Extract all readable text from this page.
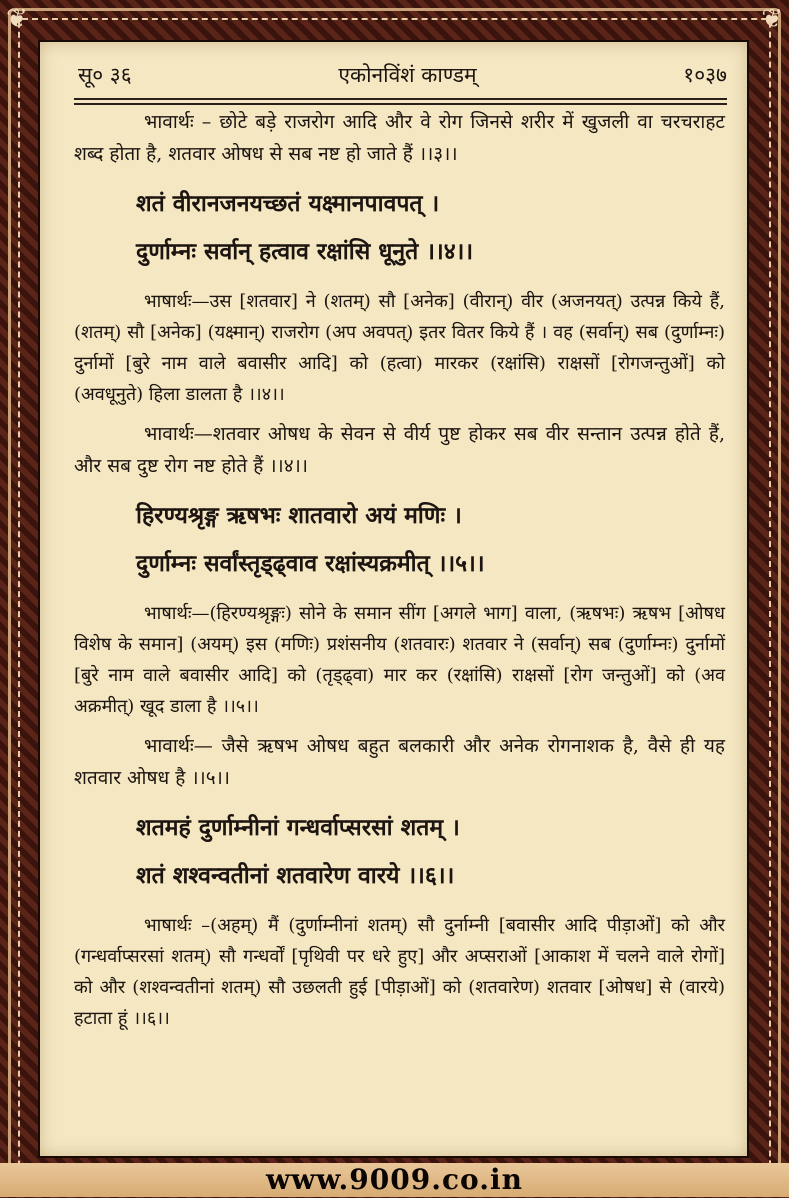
❦	❦
सू० ३६	एकोनविंशं काण्डम्	१०३७

भावार्थः – छोटे बड़े राजरोग आदि और वे रोग जिनसे शरीर में खुजली वा चरचराहट शब्द होता है, शतवार ओषध से सब नष्ट हो जाते हैं ।।३।।

शतं वीरानजनयच्छतं यक्ष्मानपावपत् ।

दुर्णाम्नः सर्वान् हत्वाव रक्षांसि धूनुते ।।४।।

भाषार्थः—उस [शतवार] ने (शतम्) सौ [अनेक] (वीरान्) वीर (अजनयत्) उत्पन्न किये हैं, (शतम्) सौ [अनेक] (यक्ष्मान्) राजरोग (अप अवपत्) इतर वितर किये हैं । वह (सर्वान्) सब (दुर्णाम्नः) दुर्नामों [बुरे नाम वाले बवासीर आदि] को (हत्वा) मारकर (रक्षांसि) राक्षसों [रोगजन्तुओं] को (अवधूनुते) हिला डालता है ।।४।।

भावार्थः—शतवार ओषध के सेवन से वीर्य पुष्ट होकर सब वीर सन्तान उत्पन्न होते हैं, और सब दुष्ट रोग नष्ट होते हैं ।।४।।

हिरण्यश्रृङ्ग ऋषभः शातवारो अयं मणिः ।

दुर्णाम्नः सर्वांस्तृड्ढ्वाव रक्षांस्यक्रमीत् ।।५।।

भाषार्थः—(हिरण्यश्रृङ्गः) सोने के समान सींग [अगले भाग] वाला, (ऋषभः) ऋषभ [ओषध विशेष के समान] (अयम्) इस (मणिः) प्रशंसनीय (शतवारः) शतवार ने (सर्वान्) सब (दुर्णाम्नः) दुर्नामों [बुरे नाम वाले बवासीर आदि] को (तृड्ढ्वा) मार कर (रक्षांसि) राक्षसों [रोग जन्तुओं] को (अव अक्रमीत्) खूद डाला है ।।५।।

भावार्थः— जैसे ऋषभ ओषध बहुत बलकारी और अनेक रोगनाशक है, वैसे ही यह शतवार ओषध है ।।५।।

शतमहं दुर्णाम्नीनां गन्धर्वाप्सरसां शतम् ।

शतं शश्वन्वतीनां शतवारेण वारये ।।६।।

भाषार्थः –(अहम्) मैं (दुर्णाम्नीनां शतम्) सौ दुर्नाम्नी [बवासीर आदि पीड़ाओं] को और (गन्धर्वाप्सरसां शतम्) सौ गन्धर्वों [पृथिवी पर धरे हुए] और अप्सराओं [आकाश में चलने वाले रोगों] को और (शश्वन्वतीनां शतम्) सौ उछलती हुई [पीड़ाओं] को (शतवारेण) शतवार [ओषध] से (वारये) हटाता हूं ।।६।।

www.9009.co.in
